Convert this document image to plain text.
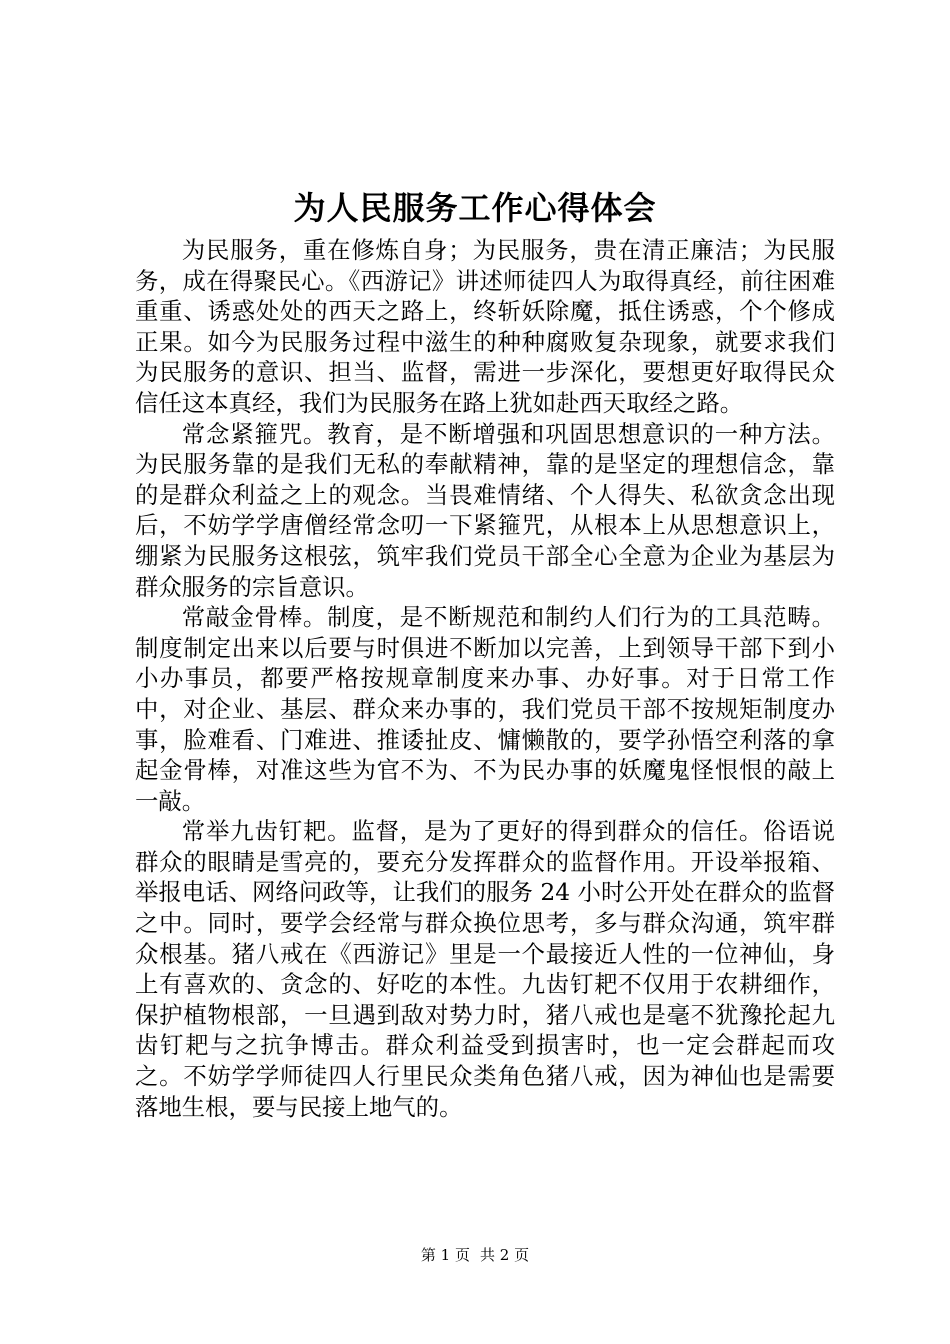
为人民服务工作心得体会

为民服务，重在修炼自身；为民服务，贵在清正廉洁；为民服务，成在得聚民心。《西游记》讲述师徒四人为取得真经，前往困难重重、诱惑处处的西天之路上，终斩妖除魔，抵住诱惑，个个修成正果。如今为民服务过程中滋生的种种腐败复杂现象，就要求我们为民服务的意识、担当、监督，需进一步深化，要想更好取得民众信任这本真经，我们为民服务在路上犹如赴西天取经之路。

常念紧箍咒。教育，是不断增强和巩固思想意识的一种方法。为民服务靠的是我们无私的奉献精神，靠的是坚定的理想信念，靠的是群众利益之上的观念。当畏难情绪、个人得失、私欲贪念出现后，不妨学学唐僧经常念叨一下紧箍咒，从根本上从思想意识上，绷紧为民服务这根弦，筑牢我们党员干部全心全意为企业为基层为群众服务的宗旨意识。

常敲金骨棒。制度，是不断规范和制约人们行为的工具范畴。制度制定出来以后要与时俱进不断加以完善，上到领导干部下到小小办事员，都要严格按规章制度来办事、办好事。对于日常工作中，对企业、基层、群众来办事的，我们党员干部不按规矩制度办事，脸难看、门难进、推诿扯皮、慵懒散的，要学孙悟空利落的拿起金骨棒，对准这些为官不为、不为民办事的妖魔鬼怪恨恨的敲上一敲。

常举九齿钉耙。监督，是为了更好的得到群众的信任。俗语说群众的眼睛是雪亮的，要充分发挥群众的监督作用。开设举报箱、举报电话、网络问政等，让我们的服务 24 小时公开处在群众的监督之中。同时，要学会经常与群众换位思考，多与群众沟通，筑牢群众根基。猪八戒在《西游记》里是一个最接近人性的一位神仙，身上有喜欢的、贪念的、好吃的本性。九齿钉耙不仅用于农耕细作，保护植物根部，一旦遇到敌对势力时，猪八戒也是毫不犹豫抡起九齿钉耙与之抗争博击。群众利益受到损害时，也一定会群起而攻之。不妨学学师徒四人行里民众类角色猪八戒，因为神仙也是需要落地生根，要与民接上地气的。

第 1 页 共 2 页
